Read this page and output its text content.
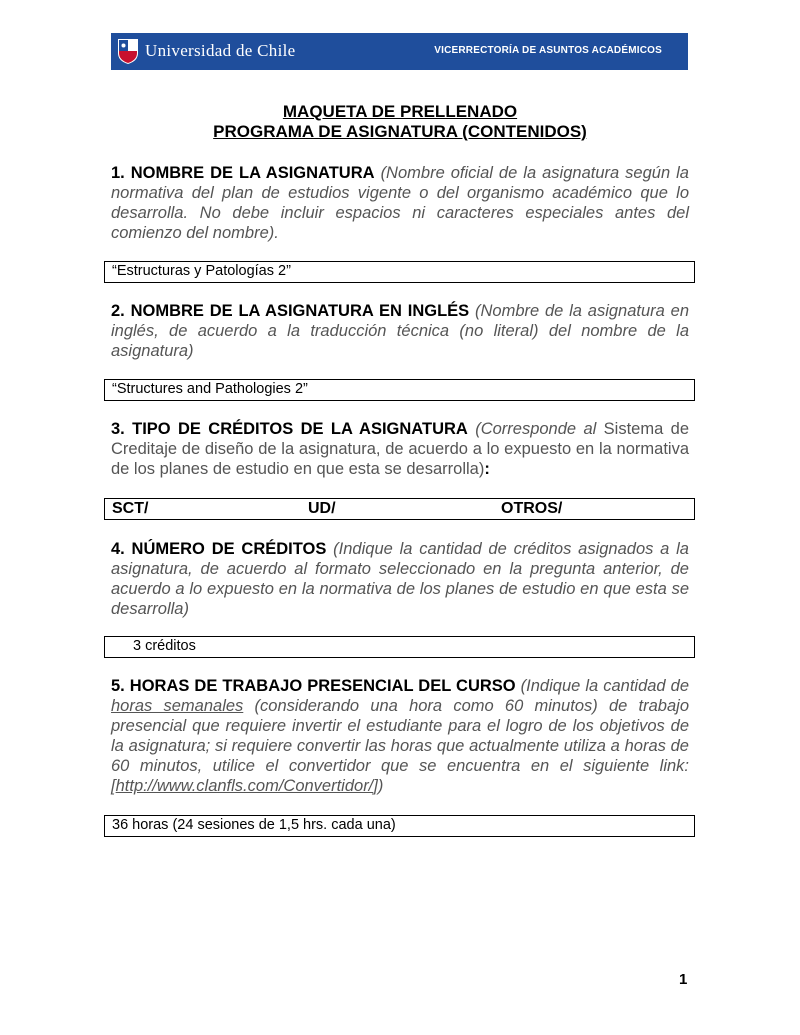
Universidad de Chile	VICERRECTORÍA DE ASUNTOS ACADÉMICOS
MAQUETA DE PRELLENADO
PROGRAMA DE ASIGNATURA (CONTENIDOS)
1. NOMBRE DE LA ASIGNATURA (Nombre oficial de la asignatura según la normativa del plan de estudios vigente o del organismo académico que lo desarrolla. No debe incluir espacios ni caracteres especiales antes del comienzo del nombre).
“Estructuras y Patologías 2”
2. NOMBRE DE LA ASIGNATURA EN INGLÉS (Nombre de la asignatura en inglés, de acuerdo a la traducción técnica (no literal) del nombre de la asignatura)
“Structures and Pathologies 2”
3. TIPO DE CRÉDITOS DE LA ASIGNATURA (Corresponde al Sistema de Creditaje de diseño de la asignatura, de acuerdo a lo expuesto en la normativa de los planes de estudio en que esta se desarrolla):
SCT/	UD/	OTROS/
4. NÚMERO DE CRÉDITOS (Indique la cantidad de créditos asignados a la asignatura, de acuerdo al formato seleccionado en la pregunta anterior, de acuerdo a lo expuesto en la normativa de los planes de estudio en que esta se desarrolla)
3 créditos
5. HORAS DE TRABAJO PRESENCIAL DEL CURSO (Indique la cantidad de horas semanales (considerando una hora como 60 minutos) de trabajo presencial que requiere invertir el estudiante para el logro de los objetivos de la asignatura; si requiere convertir las horas que actualmente utiliza a horas de 60 minutos, utilice el convertidor que se encuentra en el siguiente link: [http://www.clanfls.com/Convertidor/])
36 horas (24 sesiones de 1,5 hrs. cada una)
1
